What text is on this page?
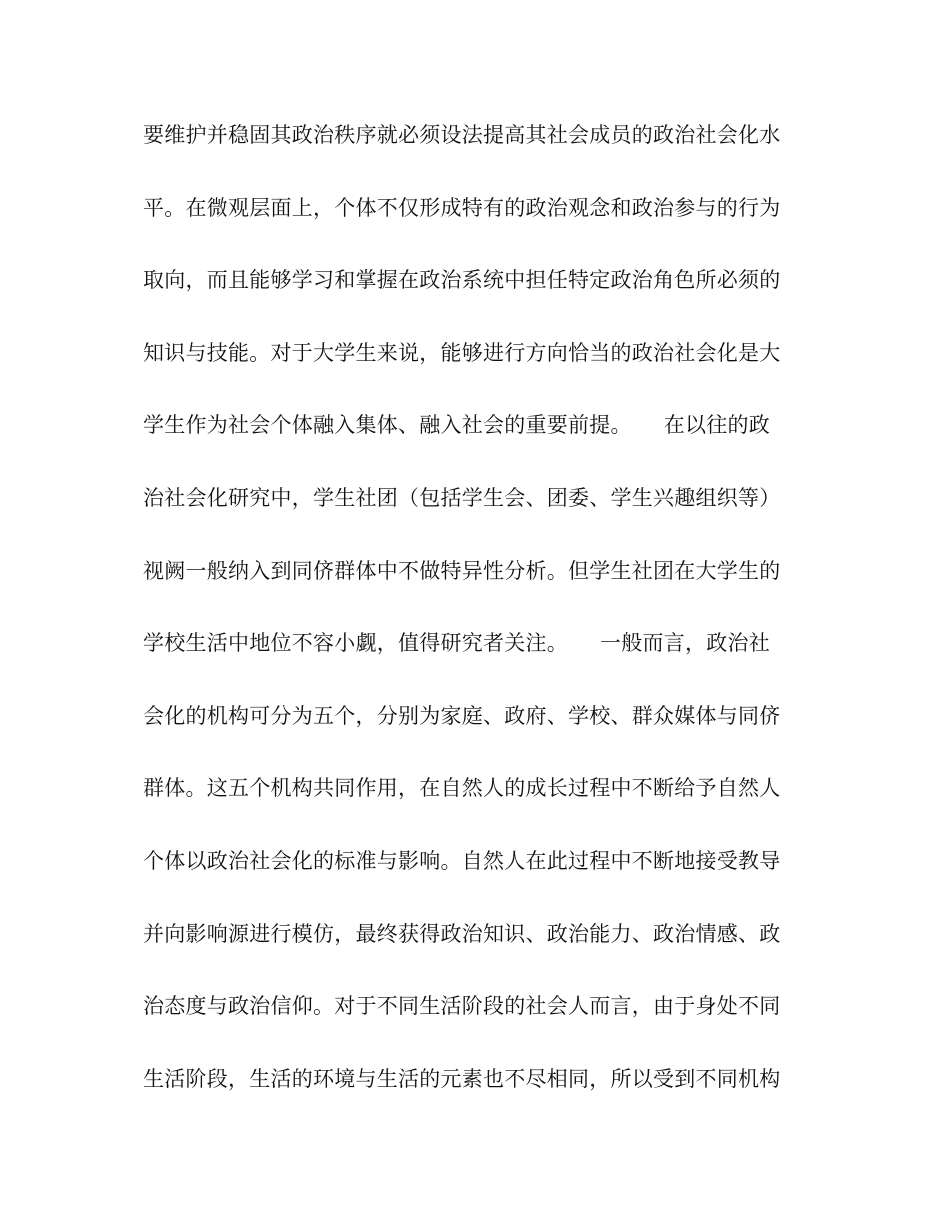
要维护并稳固其政治秩序就必须设法提高其社会成员的政治社会化水
平。在微观层面上，个体不仅形成特有的政治观念和政治参与的行为
取向，而且能够学习和掌握在政治系统中担任特定政治角色所必须的
知识与技能。对于大学生来说，能够进行方向恰当的政治社会化是大
学生作为社会个体融入集体、融入社会的重要前提。　　在以往的政
治社会化研究中，学生社团（包括学生会、团委、学生兴趣组织等）
视阙一般纳入到同侪群体中不做特异性分析。但学生社团在大学生的
学校生活中地位不容小觑，值得研究者关注。　　一般而言，政治社
会化的机构可分为五个，分别为家庭、政府、学校、群众媒体与同侪
群体。这五个机构共同作用，在自然人的成长过程中不断给予自然人
个体以政治社会化的标准与影响。自然人在此过程中不断地接受教导
并向影响源进行模仿，最终获得政治知识、政治能力、政治情感、政
治态度与政治信仰。对于不同生活阶段的社会人而言，由于身处不同
生活阶段，生活的环境与生活的元素也不尽相同，所以受到不同机构
